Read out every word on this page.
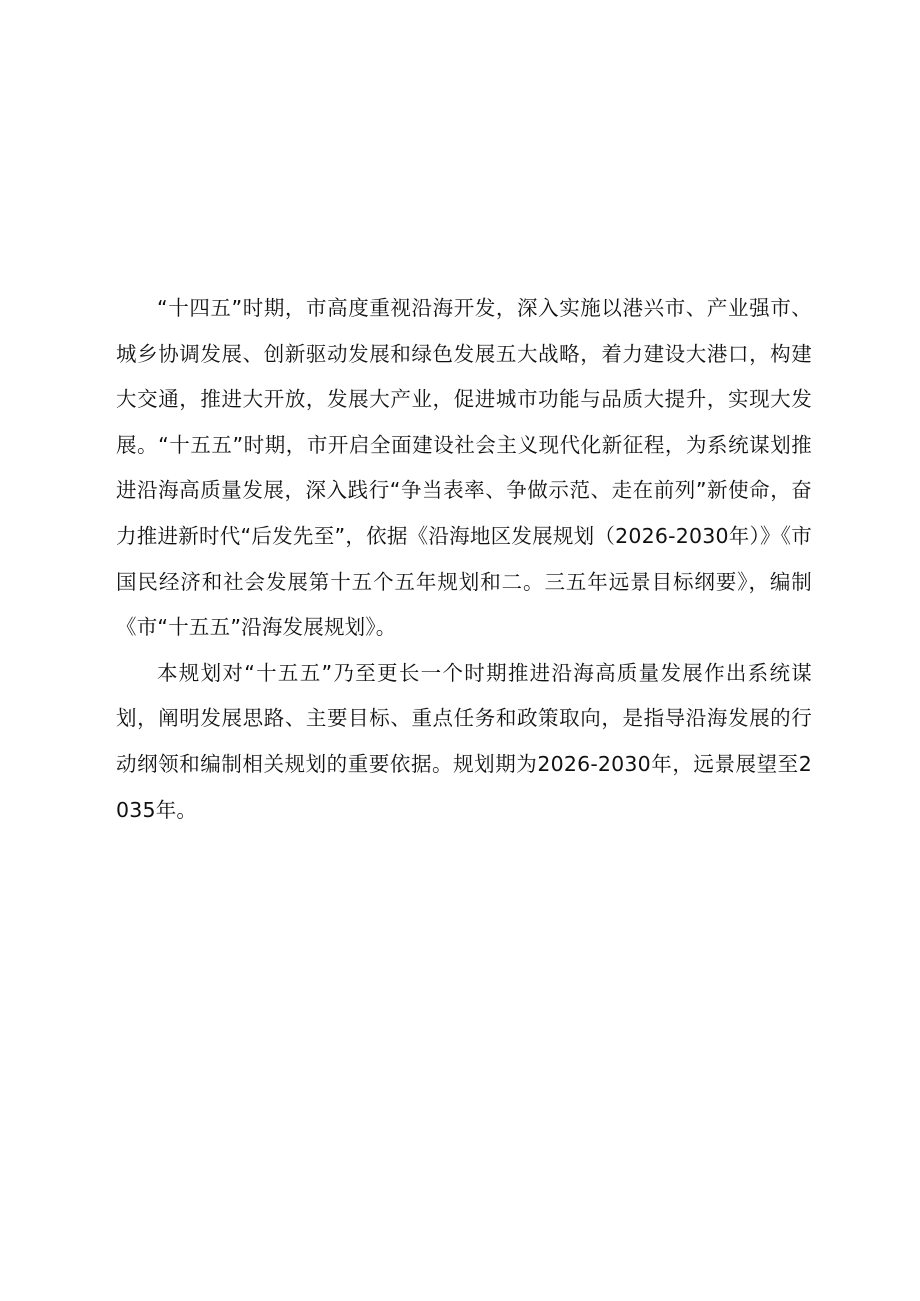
“十四五”时期，市高度重视沿海开发，深入实施以港兴市、产业强市、城乡协调发展、创新驱动发展和绿色发展五大战略，着力建设大港口，构建大交通，推进大开放，发展大产业，促进城市功能与品质大提升，实现大发展。“十五五”时期，市开启全面建设社会主义现代化新征程，为系统谋划推进沿海高质量发展，深入践行“争当表率、争做示范、走在前列”新使命，奋力推进新时代“后发先至”，依据《沿海地区发展规划（2026-2030年）》《市国民经济和社会发展第十五个五年规划和二。三五年远景目标纲要》，编制《市“十五五”沿海发展规划》。

本规划对“十五五”乃至更长一个时期推进沿海高质量发展作出系统谋划，阐明发展思路、主要目标、重点任务和政策取向，是指导沿海发展的行动纲领和编制相关规划的重要依据。规划期为2026-2030年，远景展望至2035年。
